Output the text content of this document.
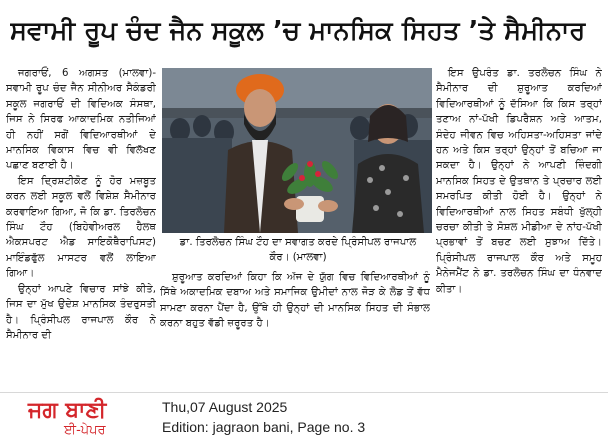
ਸਵਾਮੀ ਰੂਪ ਚੰਦ ਜੈਨ ਸਕੂਲ ’ਚ ਮਾਨਸਿਕ ਸਿਹਤ ’ਤੇ ਸੈਮੀਨਾਰ

ਜਗਰਾਓਂ, 6 ਅਗਸਤ (ਮਾਲਵਾ)-ਸਵਾਮੀ ਰੂਪ ਚੰਦ ਜੈਨ ਸੀਨੀਅਰ ਸੈਕੰਡਰੀ ਸਕੂਲ ਜਗਰਾਓਂ ਦੀ ਵਿਦਿਅਕ ਸੰਸਥਾ, ਜਿਸ ਨੇ ਸਿਰਫ ਆਕਾਦਮਿਕ ਨਤੀਜਿਆਂ ਹੀ ਨਹੀਂ ਸਗੋਂ ਵਿਦਿਆਰਥੀਆਂ ਦੇ ਮਾਨਸਿਕ ਵਿਕਾਸ ਵਿਚ ਵੀ ਵਿਲੱਖਣ ਪਛਾਣ ਬਣਾਈ ਹੈ।

ਇਸ ਦ੍ਰਿਸ਼ਟੀਕੋਣ ਨੂੰ ਹੋਰ ਮਜ਼ਬੂਤ ਕਰਨ ਲਈ ਸਕੂਲ ਵਲੋਂ ਵਿਸ਼ੇਸ਼ ਸੈਮੀਨਾਰ ਕਰਵਾਇਆ ਗਿਆ, ਜੋ ਕਿ ਡਾ. ਤਿਰਲੋਚਨ ਸਿੰਘ ਟੌਹ (ਬਿਹੇਵੀਅਰਲ ਹੈਲਥ ਐਕਸਪਰਟ ਐਡ ਸਾਇਕੋਥੈਰਾਪਿਸਟ) ਮਾਇੰਡਫੁੱਲ ਮਾਸਟਰ ਵਲੋਂ ਲਾਇਆ ਗਿਆ।

ਉਨ੍ਹਾਂ ਆਪਣੇ ਵਿਚਾਰ ਸਾਂਝੇ ਕੀਤੇ, ਜਿਸ ਦਾ ਮੁੱਖ ਉਦੇਸ਼ ਮਾਨਸਿਕ ਤੰਦਰੁਸਤੀ ਹੈ। ਪ੍ਰਿੰਸੀਪਲ ਰਾਜਪਾਲ ਕੌਰ ਨੇ ਸੈਮੀਨਾਰ ਦੀ

ਡਾ. ਤਿਰਲੋਚਨ ਸਿੰਘ ਟੌਹ ਦਾ ਸਵਾਗਤ ਕਰਦੇ ਪ੍ਰਿੰਸੀਪਲ ਰਾਜਪਾਲ ਕੌਰ। (ਮਾਲਵਾ)

ਸ਼ੁਰੂਆਤ ਕਰਦਿਆਂ ਕਿਹਾ ਕਿ ਅੱਜ ਦੇ ਯੁੱਗ ਵਿਚ ਵਿਦਿਆਰਥੀਆਂ ਨੂੰ ਸਿੱਥੇ ਅਕਾਦਮਿਕ ਦਬਾਅ ਅਤੇ ਸਮਾਜਿਕ ਉਮੀਦਾਂ ਨਾਲ ਜੋੜ ਕੇ ਲੋਡ ਤੋਂ ਵੱਧ ਸਾਮਣਾ ਕਰਨਾ ਪੈਂਦਾ ਹੈ, ਉੱਥੇ ਹੀ ਉਨ੍ਹਾਂ ਦੀ ਮਾਨਸਿਕ ਸਿਹਤ ਦੀ ਸੰਭਾਲ ਕਰਨਾ ਬਹੁਤ ਵੱਡੀ ਜ਼ਰੂਰਤ ਹੈ।

ਇਸ ਉਪਰੰਤ ਡਾ. ਤਰਲੋਚਨ ਸਿੰਘ ਨੇ ਸੈਮੀਨਾਰ ਦੀ ਸ਼ੁਰੂਆਤ ਕਰਦਿਆਂ ਵਿਦਿਆਰਥੀਆਂ ਨੂੰ ਦੱਸਿਆ ਕਿ ਕਿਸ ਤਰ੍ਹਾਂ ਤਣਾਅ ਨਾਂ-ਪੱਖੀ ਡਿਪਰੈਸ਼ਨ ਅਤੇ ਆਤਮ, ਸੰਦੇਹ ਜੀਵਨ ਵਿਚ ਅਹਿਸਤਾ-ਅਹਿਸਤਾ ਜਾਂਦੇ ਹਨ ਅਤੇ ਕਿਸ ਤਰ੍ਹਾਂ ਉਨ੍ਹਾਂ ਤੋਂ ਬਚਿਆ ਜਾ ਸਕਦਾ ਹੈ। ਉਨ੍ਹਾਂ ਨੇ ਆਪਣੀ ਜ਼ਿੰਦਗੀ ਮਾਨਸਿਕ ਸਿਹਤ ਦੇ ਉਤਥਾਨ ਤੇ ਪ੍ਰਚਾਰ ਲਈ ਸਮਰਪਿਤ ਕੀਤੀ ਹੋਈ ਹੈ। ਉਨ੍ਹਾਂ ਨੇ ਵਿਦਿਆਰਥੀਆਂ ਨਾਲ ਸਿਹਤ ਸਬੰਧੀ ਖੁੱਲ੍ਹੀ ਚਰਚਾ ਕੀਤੀ ਤੇ ਸੋਸ਼ਲ ਮੀਡੀਆ ਦੇ ਨਾਂਹ-ਪੱਖੀ ਪ੍ਰਭਾਵਾਂ ਤੋਂ ਬਚਣ ਲਈ ਸੁਝਾਅ ਦਿੱਤੇ। ਪ੍ਰਿੰਸੀਪਲ ਰਾਜਪਾਲ ਕੌਰ ਅਤੇ ਸਮੂਹ ਮੈਨੇਜਮੈਂਟ ਨੇ ਡਾ. ਤਰਲੋਚਨ ਸਿੰਘ ਦਾ ਧੰਨਵਾਦ ਕੀਤਾ।

ਜਗ ਬਾਣੀ
ਈ-ਪੇਪਰ
Thu,07 August 2025
Edition: jagraon bani, Page no. 3
